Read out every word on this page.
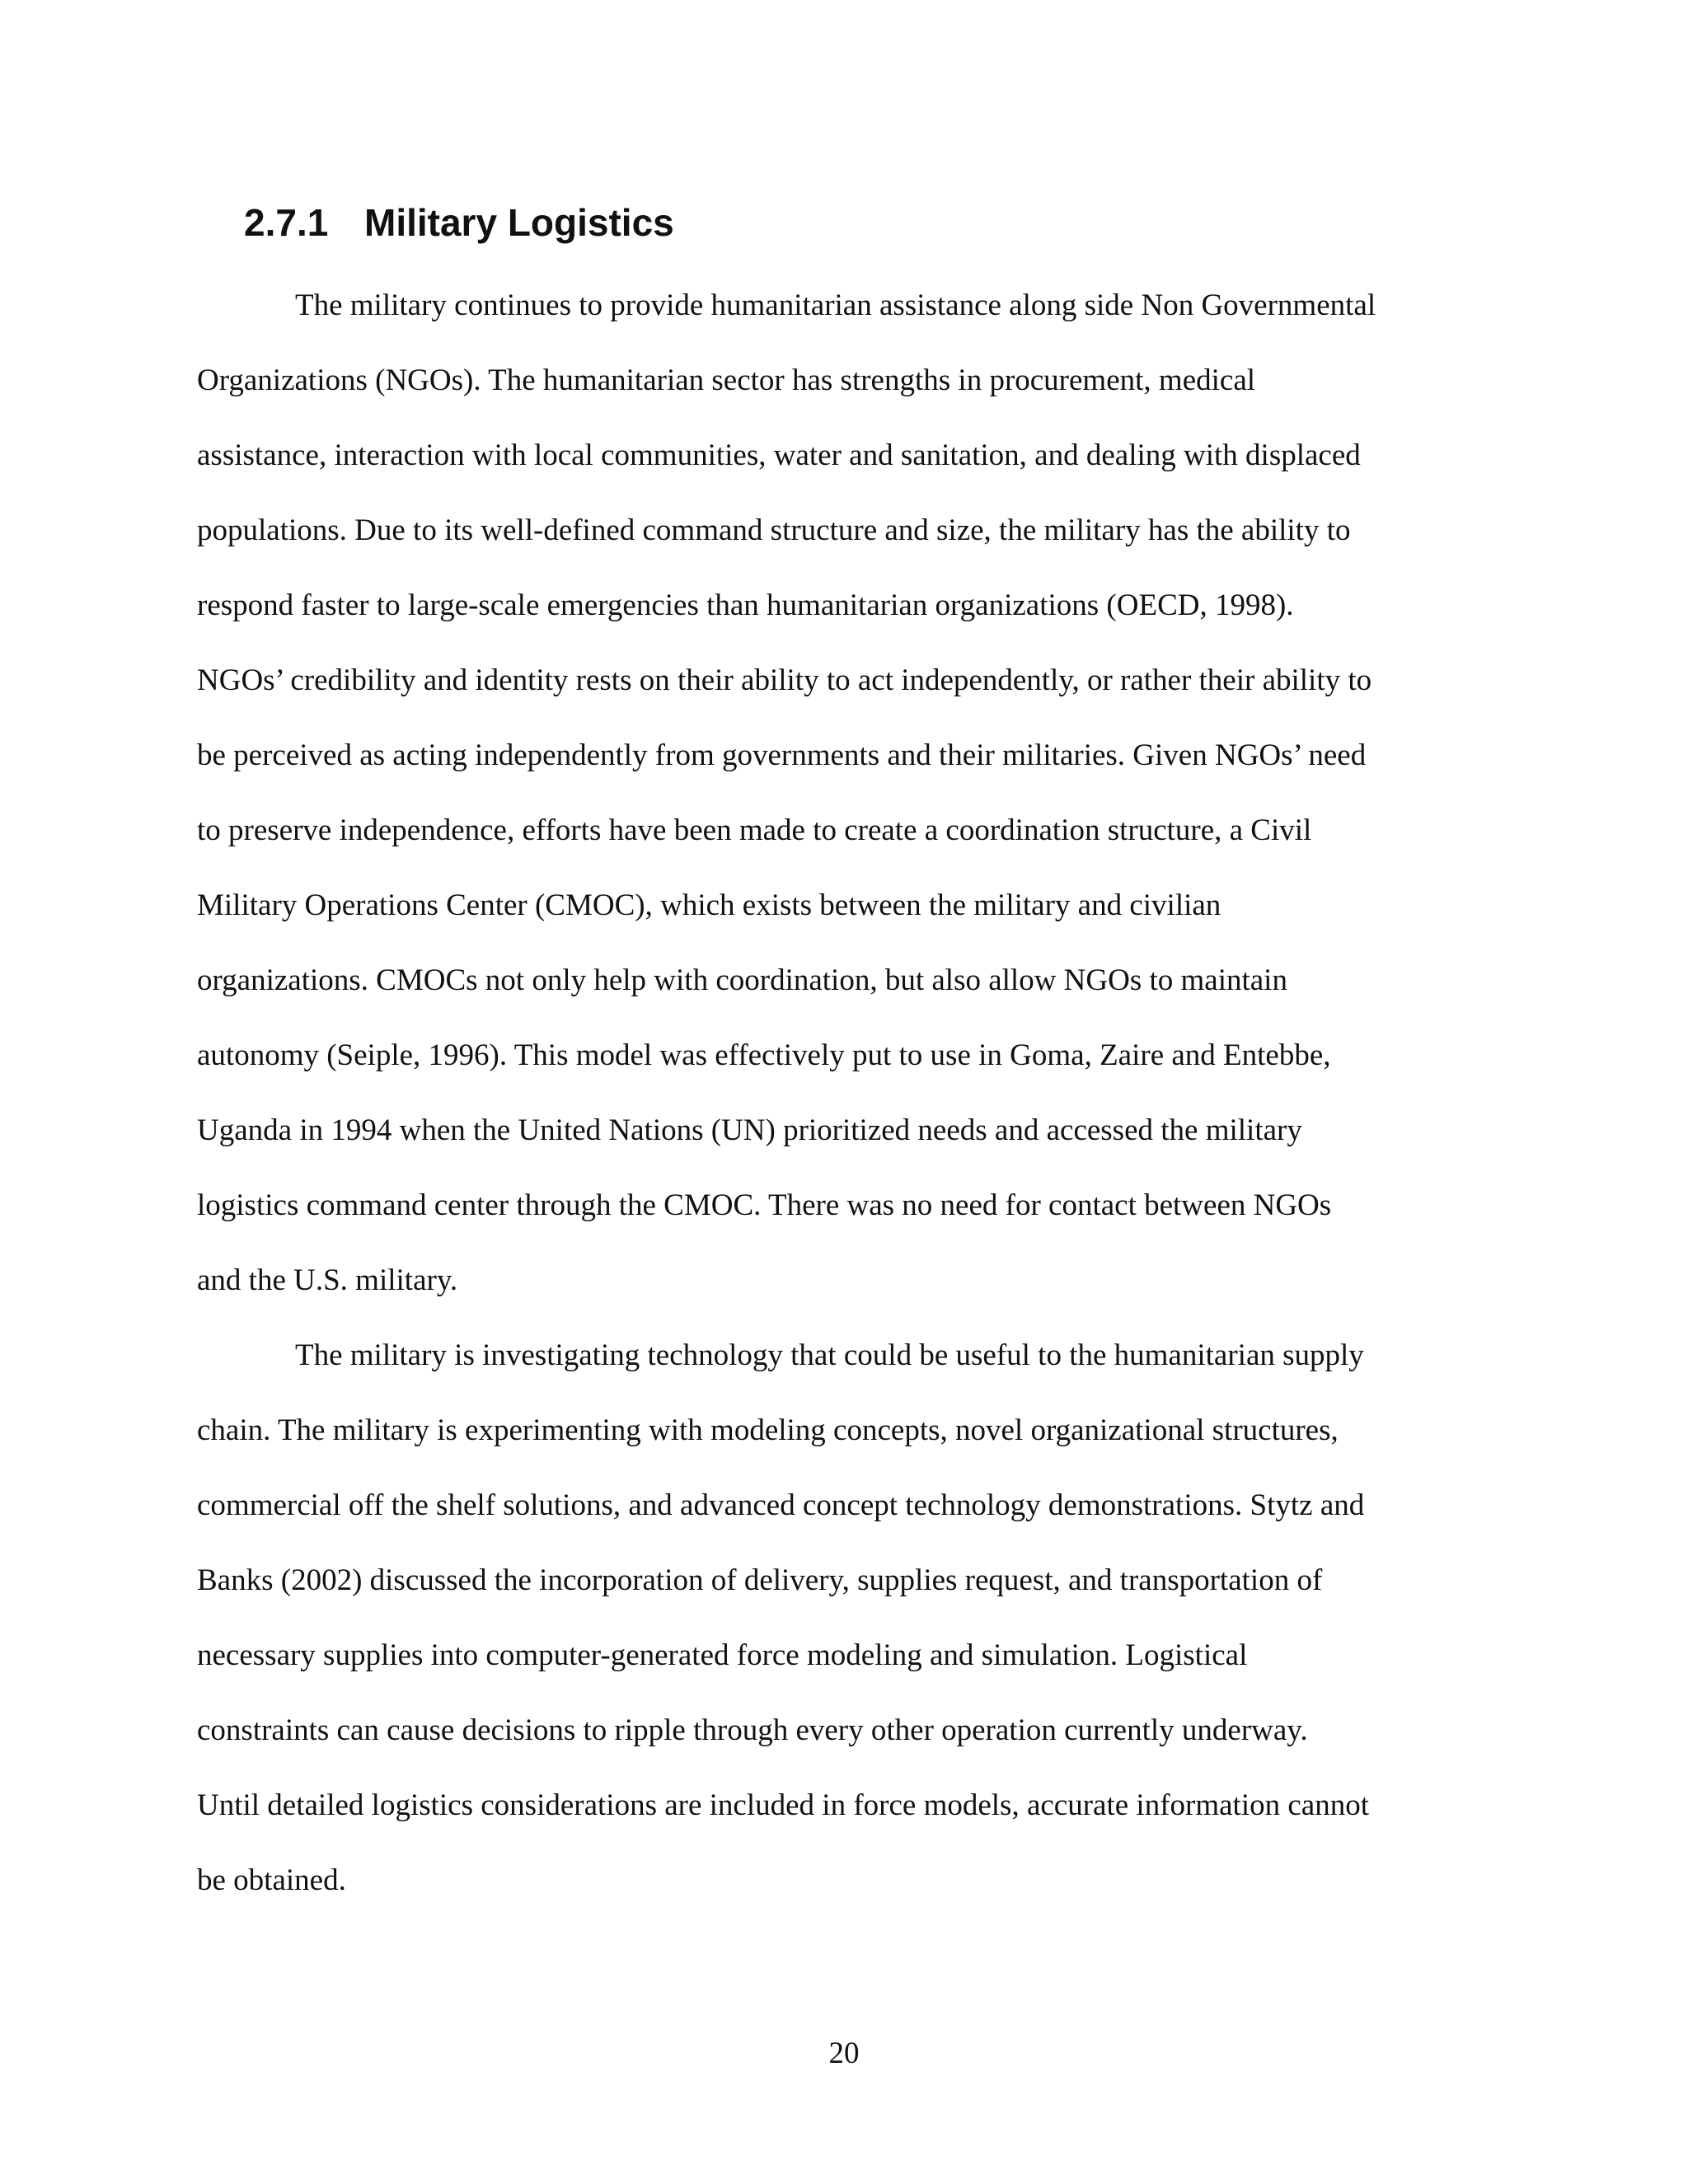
2.7.1 Military Logistics
The military continues to provide humanitarian assistance along side Non Governmental
Organizations (NGOs). The humanitarian sector has strengths in procurement, medical
assistance, interaction with local communities, water and sanitation, and dealing with displaced
populations. Due to its well-defined command structure and size, the military has the ability to
respond faster to large-scale emergencies than humanitarian organizations (OECD, 1998).
NGOs’ credibility and identity rests on their ability to act independently, or rather their ability to
be perceived as acting independently from governments and their militaries. Given NGOs’ need
to preserve independence, efforts have been made to create a coordination structure, a Civil
Military Operations Center (CMOC), which exists between the military and civilian
organizations. CMOCs not only help with coordination, but also allow NGOs to maintain
autonomy (Seiple, 1996). This model was effectively put to use in Goma, Zaire and Entebbe,
Uganda in 1994 when the United Nations (UN) prioritized needs and accessed the military
logistics command center through the CMOC. There was no need for contact between NGOs
and the U.S. military.
The military is investigating technology that could be useful to the humanitarian supply
chain. The military is experimenting with modeling concepts, novel organizational structures,
commercial off the shelf solutions, and advanced concept technology demonstrations. Stytz and
Banks (2002) discussed the incorporation of delivery, supplies request, and transportation of
necessary supplies into computer-generated force modeling and simulation. Logistical
constraints can cause decisions to ripple through every other operation currently underway.
Until detailed logistics considerations are included in force models, accurate information cannot
be obtained.
20
